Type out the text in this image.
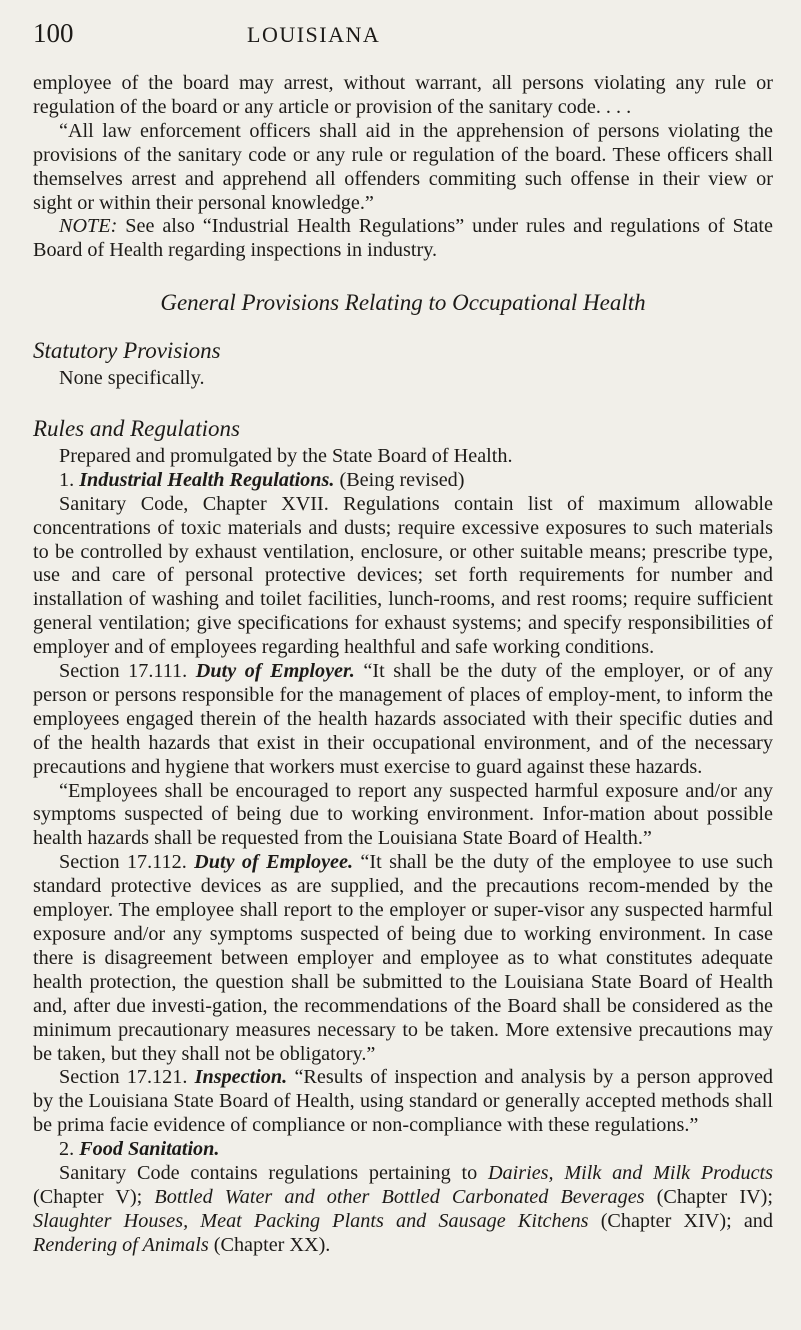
100	LOUISIANA

employee of the board may arrest, without warrant, all persons violating any rule or regulation of the board or any article or provision of the sanitary code. . . .

“All law enforcement officers shall aid in the apprehension of persons violating the provisions of the sanitary code or any rule or regulation of the board. These officers shall themselves arrest and apprehend all offenders commiting such offense in their view or sight or within their personal knowledge.”

NOTE: See also “Industrial Health Regulations” under rules and regulations of State Board of Health regarding inspections in industry.

General Provisions Relating to Occupational Health
Statutory Provisions

None specifically.

Rules and Regulations

Prepared and promulgated by the State Board of Health.

1. Industrial Health Regulations. (Being revised)

Sanitary Code, Chapter XVII. Regulations contain list of maximum allowable concentrations of toxic materials and dusts; require excessive exposures to such materials to be controlled by exhaust ventilation, enclosure, or other suitable means; prescribe type, use and care of personal protective devices; set forth requirements for number and installation of washing and toilet facilities, lunch-rooms, and rest rooms; require sufficient general ventilation; give specifications for exhaust systems; and specify responsibilities of employer and of employees regarding healthful and safe working conditions.

Section 17.111. Duty of Employer. “It shall be the duty of the employer, or of any person or persons responsible for the management of places of employ-ment, to inform the employees engaged therein of the health hazards associated with their specific duties and of the health hazards that exist in their occupational environment, and of the necessary precautions and hygiene that workers must exercise to guard against these hazards.

“Employees shall be encouraged to report any suspected harmful exposure and/or any symptoms suspected of being due to working environment. Infor-mation about possible health hazards shall be requested from the Louisiana State Board of Health.”

Section 17.112. Duty of Employee. “It shall be the duty of the employee to use such standard protective devices as are supplied, and the precautions recom-mended by the employer. The employee shall report to the employer or super-visor any suspected harmful exposure and/or any symptoms suspected of being due to working environment. In case there is disagreement between employer and employee as to what constitutes adequate health protection, the question shall be submitted to the Louisiana State Board of Health and, after due investi-gation, the recommendations of the Board shall be considered as the minimum precautionary measures necessary to be taken. More extensive precautions may be taken, but they shall not be obligatory.”

Section 17.121. Inspection. “Results of inspection and analysis by a person approved by the Louisiana State Board of Health, using standard or generally accepted methods shall be prima facie evidence of compliance or non-compliance with these regulations.”

2. Food Sanitation.

Sanitary Code contains regulations pertaining to Dairies, Milk and Milk Products (Chapter V); Bottled Water and other Bottled Carbonated Beverages (Chapter IV); Slaughter Houses, Meat Packing Plants and Sausage Kitchens (Chapter XIV); and Rendering of Animals (Chapter XX).
